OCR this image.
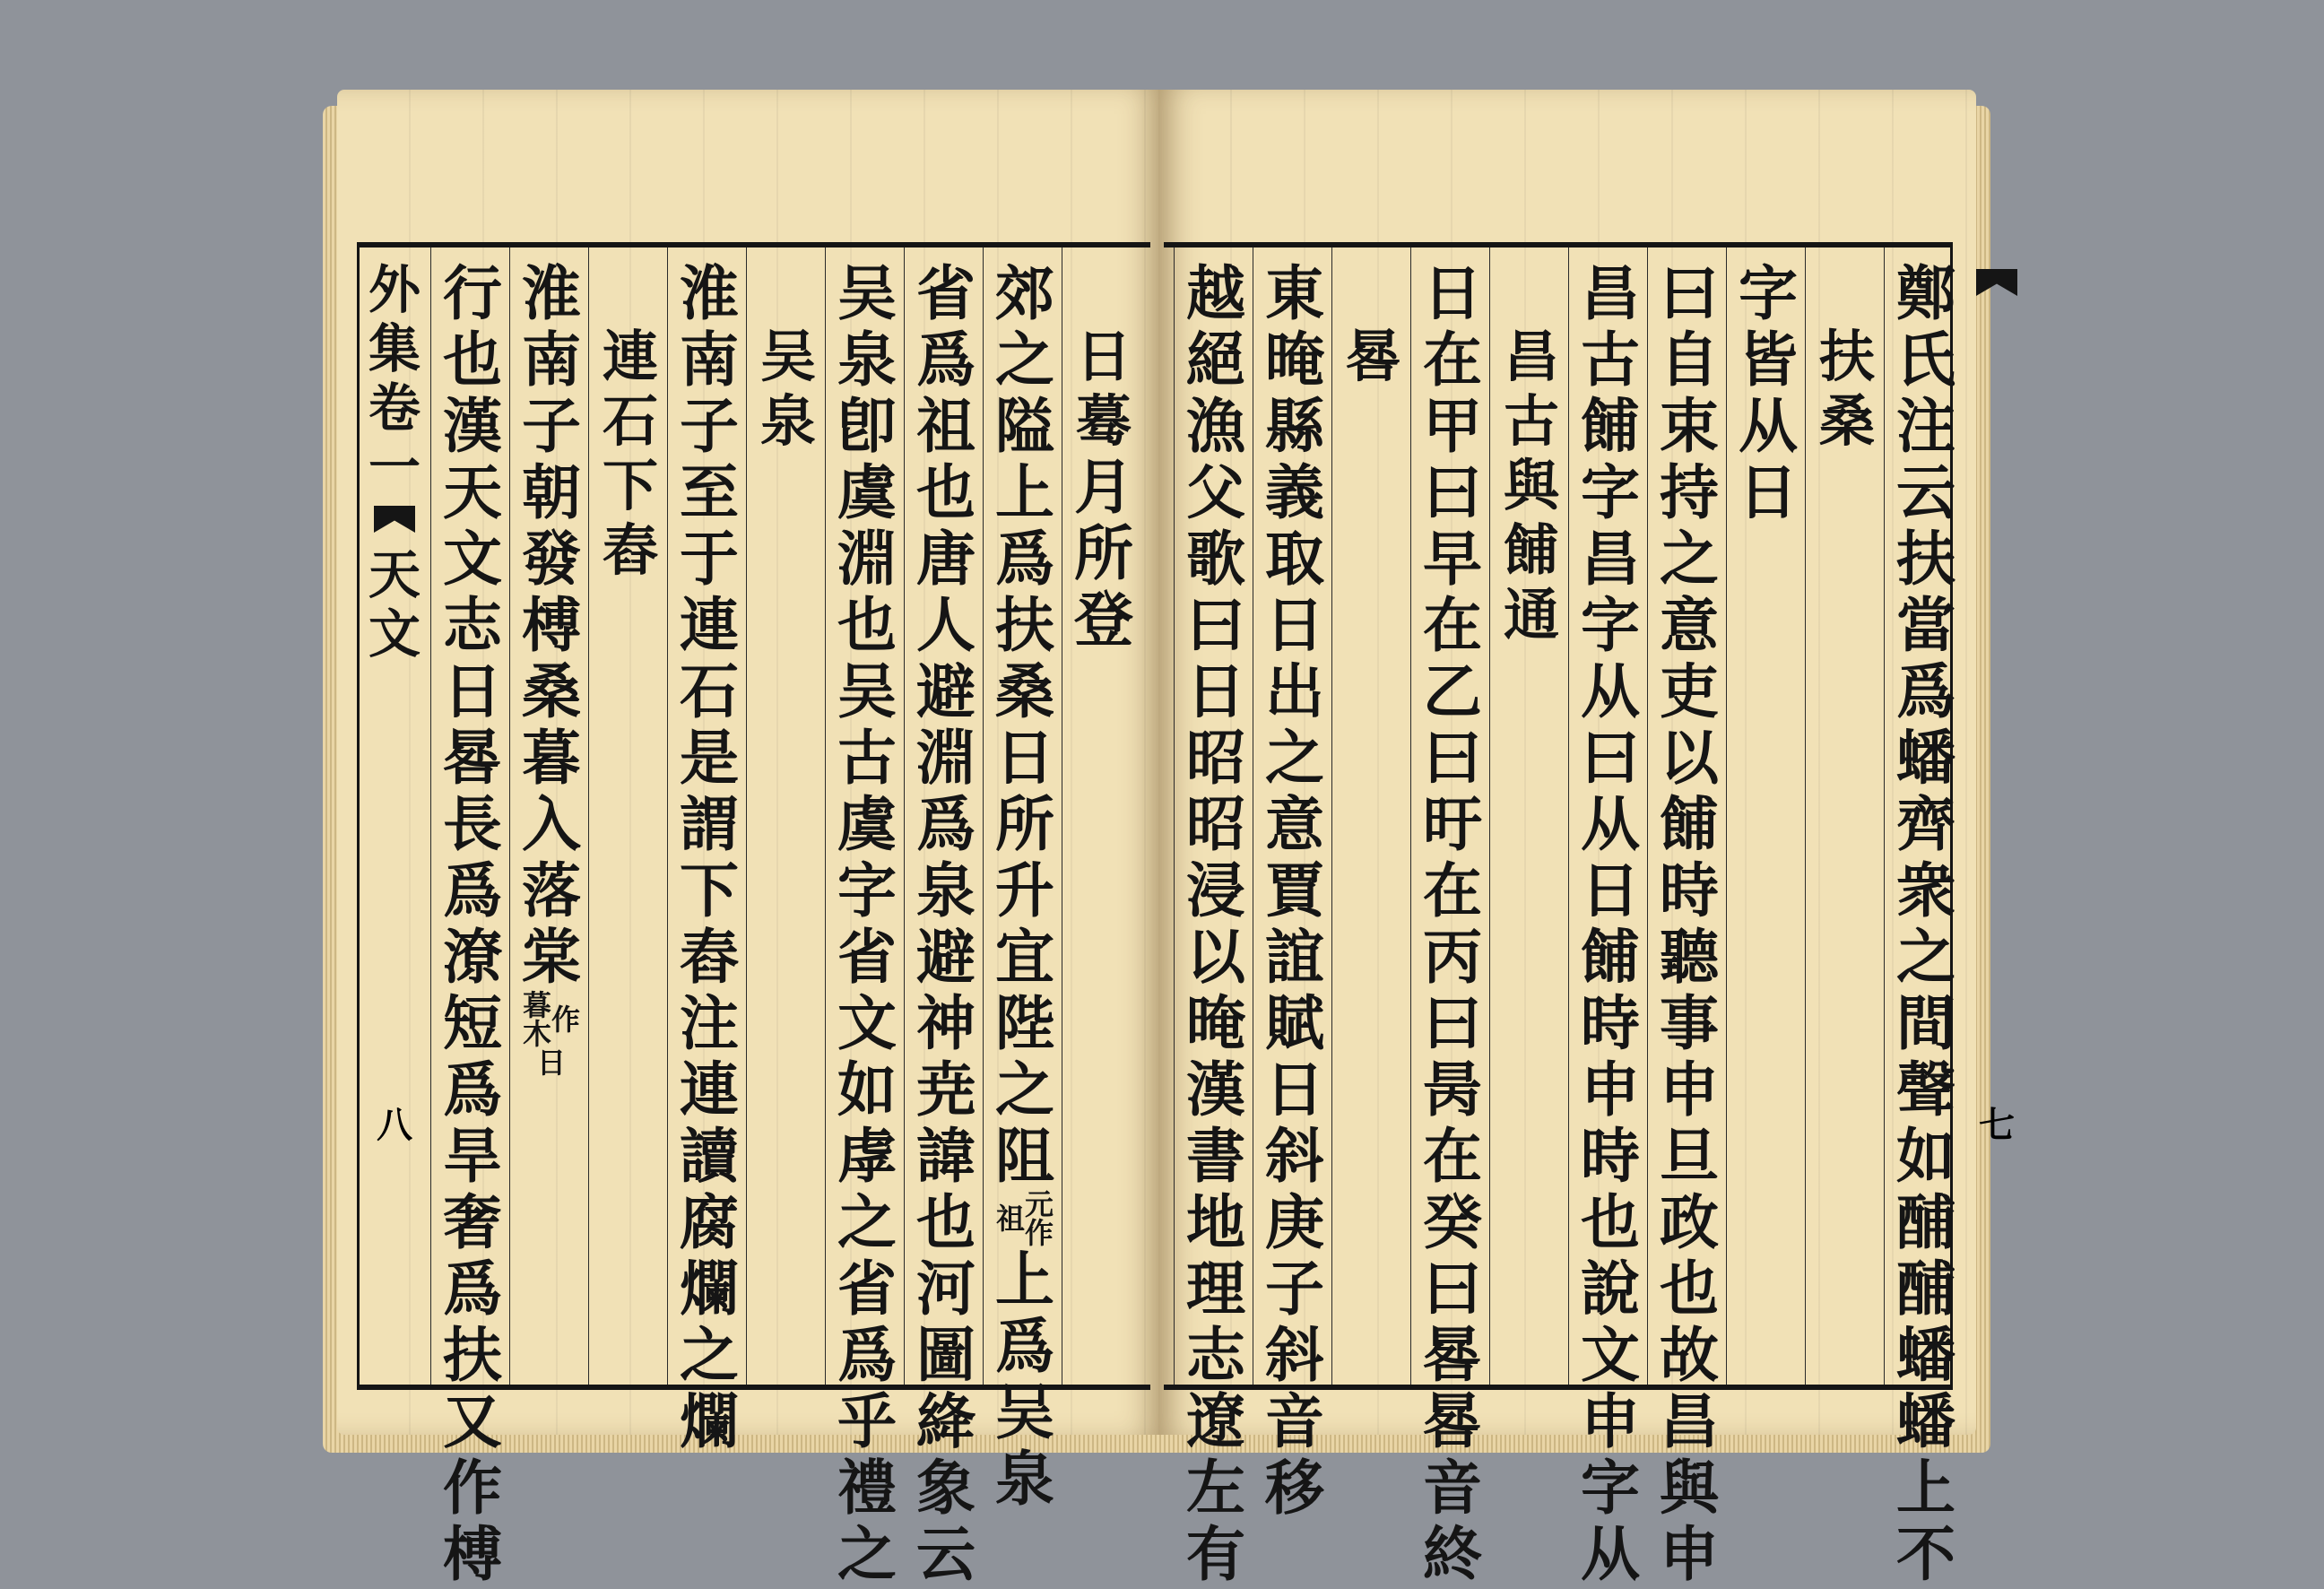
行
也
漢
天
文
志
日
晷
長
爲
潦
短
爲
旱
奢
爲
扶
又
作
榑
淮
南
子
朝
發
榑
桑
暮
入
落
棠
作
暮木
日
連
石
下
舂
淮
南
子
至
于
連
石
是
謂
下
舂
注
連
讀
腐
爛
之
爛
吴
泉
吴
泉
卽
虞
淵
也
吴
古
虞
字
省
文
如
虖
之
省
爲
乎
禮
之
省
爲
祖
也
唐
人
避
淵
爲
泉
避
神
尭
諱
也
河
圖
絳
象
云
郊
之
隘
上
爲
扶
桑
日
所
升
宜
陛
之
阻
元作
祖
上
爲
吴
泉
日
蓦
月
所
登
外
集
卷
一
天
文
八
越
絕
漁
父
歌
曰
日
昭
昭
浸
以
晻
漢
書
地
理
志
遼
左
有
東
晻
縣
義
取
日
出
之
意
賈
誼
賦
日
斜
庚
子
斜
音
移
晷
日
在
甲
曰
早
在
乙
曰
旴
在
丙
曰
昺
在
癸
曰
晷
晷
音
終
昌
古
與
餔
通
昌
古
餔
字
昌
字
从
曰
从
日
餔
時
申
時
也
說
文
申
字
从
曰
自
束
持
之
意
吏
以
餔
時
聽
事
申
旦
政
也
故
昌
與
申
字
皆
从
日
扶
桑
鄭
氏
注
云
扶
當
爲
蟠
齊
衆
之
間
聲
如
酺
酺
蟠
蟠
上
不
七
